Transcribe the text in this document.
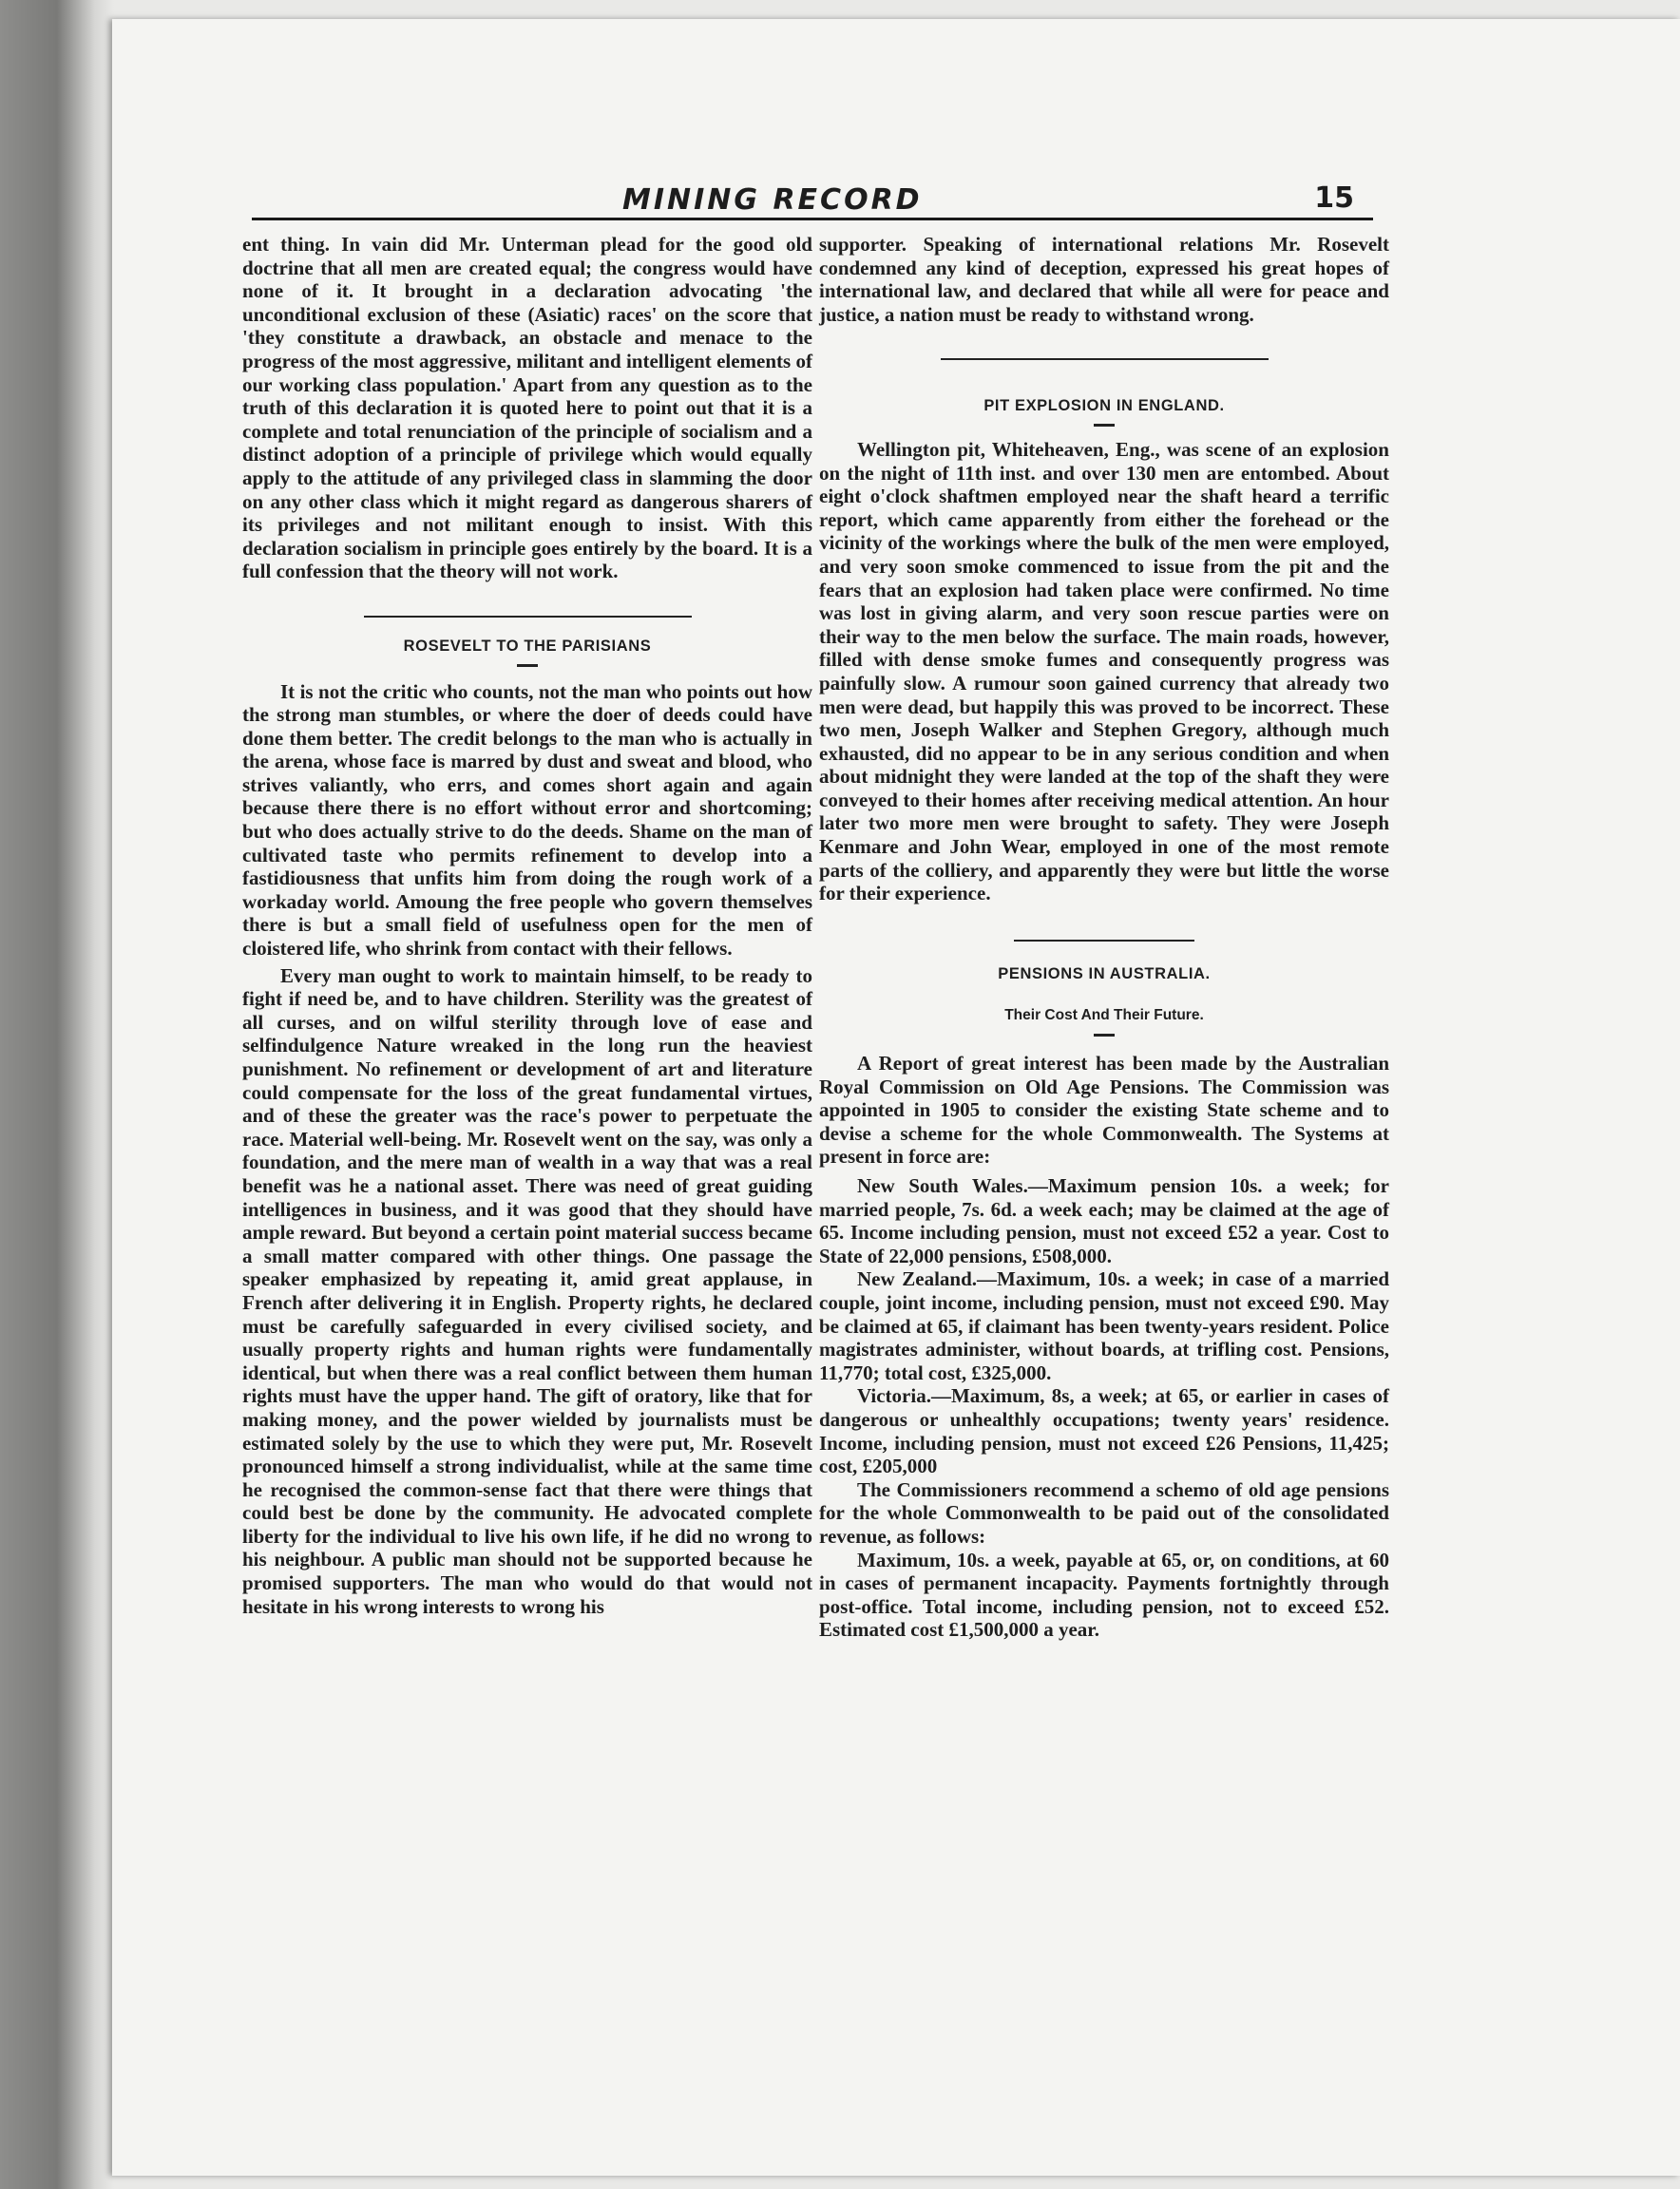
MINING RECORD	15

ent thing. In vain did Mr. Unterman plead for the good old doctrine that all men are created equal; the congress would have none of it. It brought in a declaration advocating 'the unconditional exclusion of these (Asiatic) races' on the score that 'they constitute a drawback, an obstacle and menace to the progress of the most aggressive, militant and intelligent elements of our working class population.' Apart from any question as to the truth of this declaration it is quoted here to point out that it is a complete and total renunciation of the principle of socialism and a distinct adoption of a principle of privilege which would equally apply to the attitude of any privileged class in slamming the door on any other class which it might regard as dangerous sharers of its privileges and not militant enough to insist. With this declaration socialism in principle goes entirely by the board. It is a full confession that the theory will not work.

ROSEVELT TO THE PARISIANS

It is not the critic who counts, not the man who points out how the strong man stumbles, or where the doer of deeds could have done them better. The credit belongs to the man who is actually in the arena, whose face is marred by dust and sweat and blood, who strives valiantly, who errs, and comes short again and again because there there is no effort without error and shortcoming; but who does actually strive to do the deeds. Shame on the man of cultivated taste who permits refinement to develop into a fastidiousness that unfits him from doing the rough work of a workaday world. Amoung the free people who govern themselves there is but a small field of usefulness open for the men of cloistered life, who shrink from contact with their fellows.

Every man ought to work to maintain himself, to be ready to fight if need be, and to have children. Sterility was the greatest of all curses, and on wilful sterility through love of ease and selfindulgence Nature wreaked in the long run the heaviest punishment. No refinement or development of art and literature could compensate for the loss of the great fundamental virtues, and of these the greater was the race's power to perpetuate the race. Material well-being. Mr. Rosevelt went on the say, was only a foundation, and the mere man of wealth in a way that was a real benefit was he a national asset. There was need of great guiding intelligences in business, and it was good that they should have ample reward. But beyond a certain point material success became a small matter compared with other things. One passage the speaker emphasized by repeating it, amid great applause, in French after delivering it in English. Property rights, he declared must be carefully safeguarded in every civilised society, and usually property rights and human rights were fundamentally identical, but when there was a real conflict between them human rights must have the upper hand. The gift of oratory, like that for making money, and the power wielded by journalists must be estimated solely by the use to which they were put, Mr. Rosevelt pronounced himself a strong individualist, while at the same time he recognised the common-sense fact that there were things that could best be done by the community. He advocated complete liberty for the individual to live his own life, if he did no wrong to his neighbour. A public man should not be supported because he promised supporters. The man who would do that would not hesitate in his wrong interests to wrong his

supporter. Speaking of international relations Mr. Rosevelt condemned any kind of deception, expressed his great hopes of international law, and declared that while all were for peace and justice, a nation must be ready to withstand wrong.

PIT EXPLOSION IN ENGLAND.

Wellington pit, Whiteheaven, Eng., was scene of an explosion on the night of 11th inst. and over 130 men are entombed. About eight o'clock shaftmen employed near the shaft heard a terrific report, which came apparently from either the forehead or the vicinity of the workings where the bulk of the men were employed, and very soon smoke commenced to issue from the pit and the fears that an explosion had taken place were confirmed. No time was lost in giving alarm, and very soon rescue parties were on their way to the men below the surface. The main roads, however, filled with dense smoke fumes and consequently progress was painfully slow. A rumour soon gained currency that already two men were dead, but happily this was proved to be incorrect. These two men, Joseph Walker and Stephen Gregory, although much exhausted, did no appear to be in any serious condition and when about midnight they were landed at the top of the shaft they were conveyed to their homes after receiving medical attention. An hour later two more men were brought to safety. They were Joseph Kenmare and John Wear, employed in one of the most remote parts of the colliery, and apparently they were but little the worse for their experience.

PENSIONS IN AUSTRALIA.
Their Cost And Their Future.

A Report of great interest has been made by the Australian Royal Commission on Old Age Pensions. The Commission was appointed in 1905 to consider the existing State scheme and to devise a scheme for the whole Commonwealth. The Systems at present in force are:

New South Wales.—Maximum pension 10s. a week; for married people, 7s. 6d. a week each; may be claimed at the age of 65. Income including pension, must not exceed £52 a year. Cost to State of 22,000 pensions, £508,000.

New Zealand.—Maximum, 10s. a week; in case of a married couple, joint income, including pension, must not exceed £90. May be claimed at 65, if claimant has been twenty-years resident. Police magistrates administer, without boards, at trifling cost. Pensions, 11,770; total cost, £325,000.

Victoria.—Maximum, 8s, a week; at 65, or earlier in cases of dangerous or unhealthly occupations; twenty years' residence. Income, including pension, must not exceed £26 Pensions, 11,425; cost, £205,000

The Commissioners recommend a schemo of old age pensions for the whole Commonwealth to be paid out of the consolidated revenue, as follows:

Maximum, 10s. a week, payable at 65, or, on conditions, at 60 in cases of permanent incapacity. Payments fortnightly through post-office. Total income, including pension, not to exceed £52. Estimated cost £1,500,000 a year.
